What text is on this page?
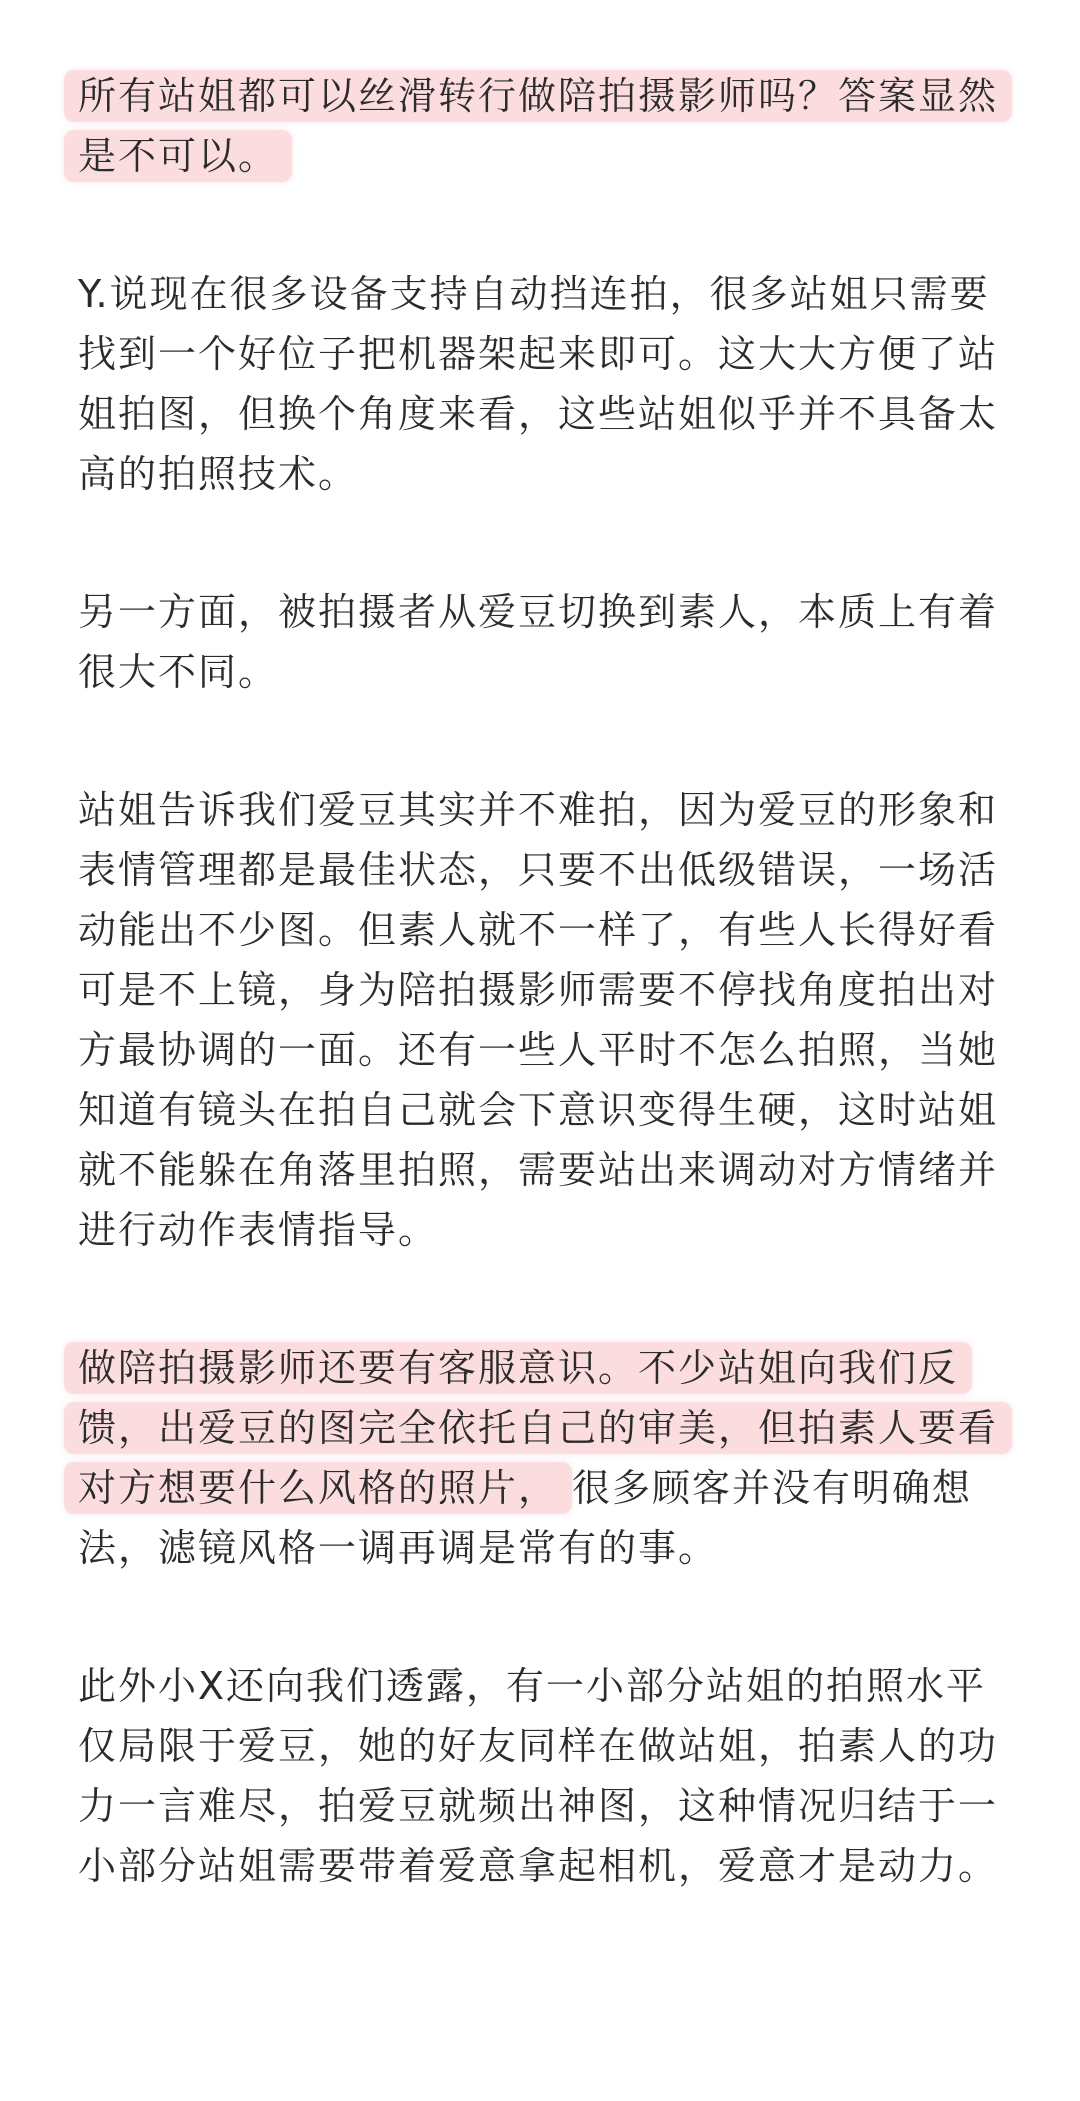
所有站姐都可以丝滑转行做陪拍摄影师吗？答案显然
是不可以。

Y.说现在很多设备支持自动挡连拍，很多站姐只需要
找到一个好位子把机器架起来即可。这大大方便了站
姐拍图，但换个角度来看，这些站姐似乎并不具备太
高的拍照技术。

另一方面，被拍摄者从爱豆切换到素人，本质上有着
很大不同。

站姐告诉我们爱豆其实并不难拍，因为爱豆的形象和
表情管理都是最佳状态，只要不出低级错误，一场活
动能出不少图。但素人就不一样了，有些人长得好看
可是不上镜，身为陪拍摄影师需要不停找角度拍出对
方最协调的一面。还有一些人平时不怎么拍照，当她
知道有镜头在拍自己就会下意识变得生硬，这时站姐
就不能躲在角落里拍照，需要站出来调动对方情绪并
进行动作表情指导。

做陪拍摄影师还要有客服意识。不少站姐向我们反
馈，出爱豆的图完全依托自己的审美，但拍素人要看
对方想要什么风格的照片， 很多顾客并没有明确想
法，滤镜风格一调再调是常有的事。

此外小X还向我们透露，有一小部分站姐的拍照水平
仅局限于爱豆，她的好友同样在做站姐，拍素人的功
力一言难尽，拍爱豆就频出神图，这种情况归结于一
小部分站姐需要带着爱意拿起相机，爱意才是动力。
